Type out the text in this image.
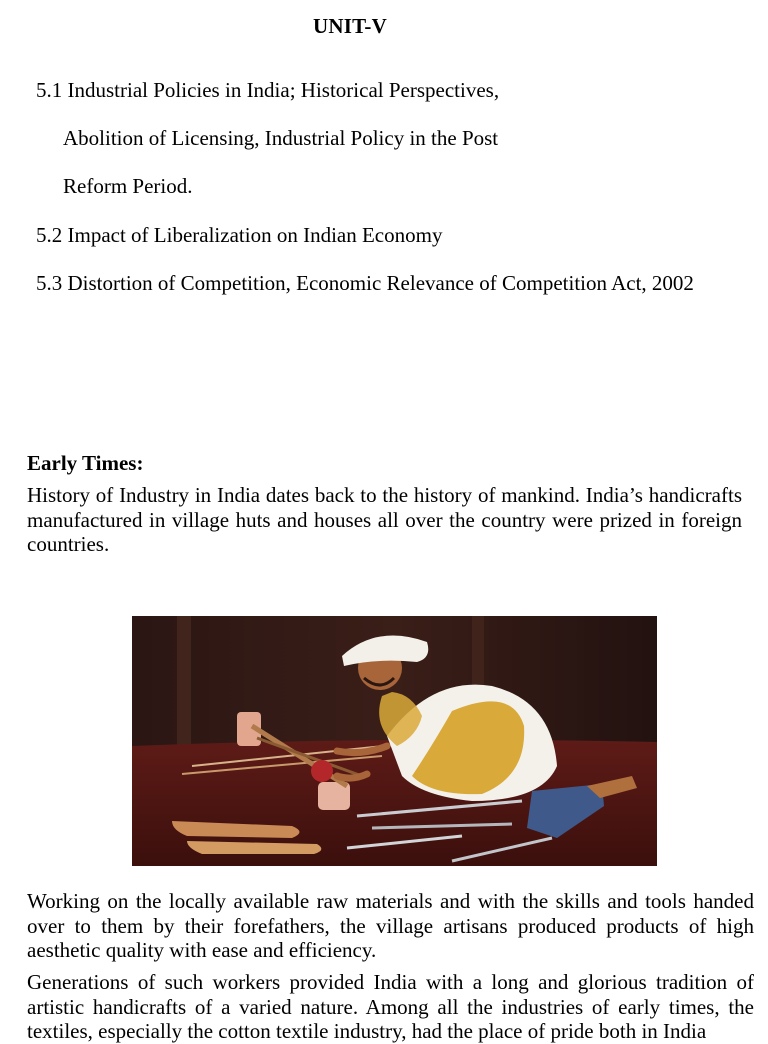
UNIT-V
5.1 Industrial Policies in India; Historical Perspectives,
Abolition of Licensing, Industrial Policy in the Post
Reform Period.
5.2 Impact of Liberalization on Indian Economy
5.3 Distortion of Competition, Economic Relevance of Competition Act, 2002
Early Times:
History of Industry in India dates back to the history of mankind. India’s handicrafts manufactured in village huts and houses all over the country were prized in foreign countries.
Working on the locally available raw materials and with the skills and tools handed over to them by their forefathers, the village artisans produced products of high aesthetic quality with ease and efficiency.
Generations of such workers provided India with a long and glorious tradition of artistic handicrafts of a varied nature. Among all the industries of early times, the textiles, especially the cotton textile industry, had the place of pride both in India
